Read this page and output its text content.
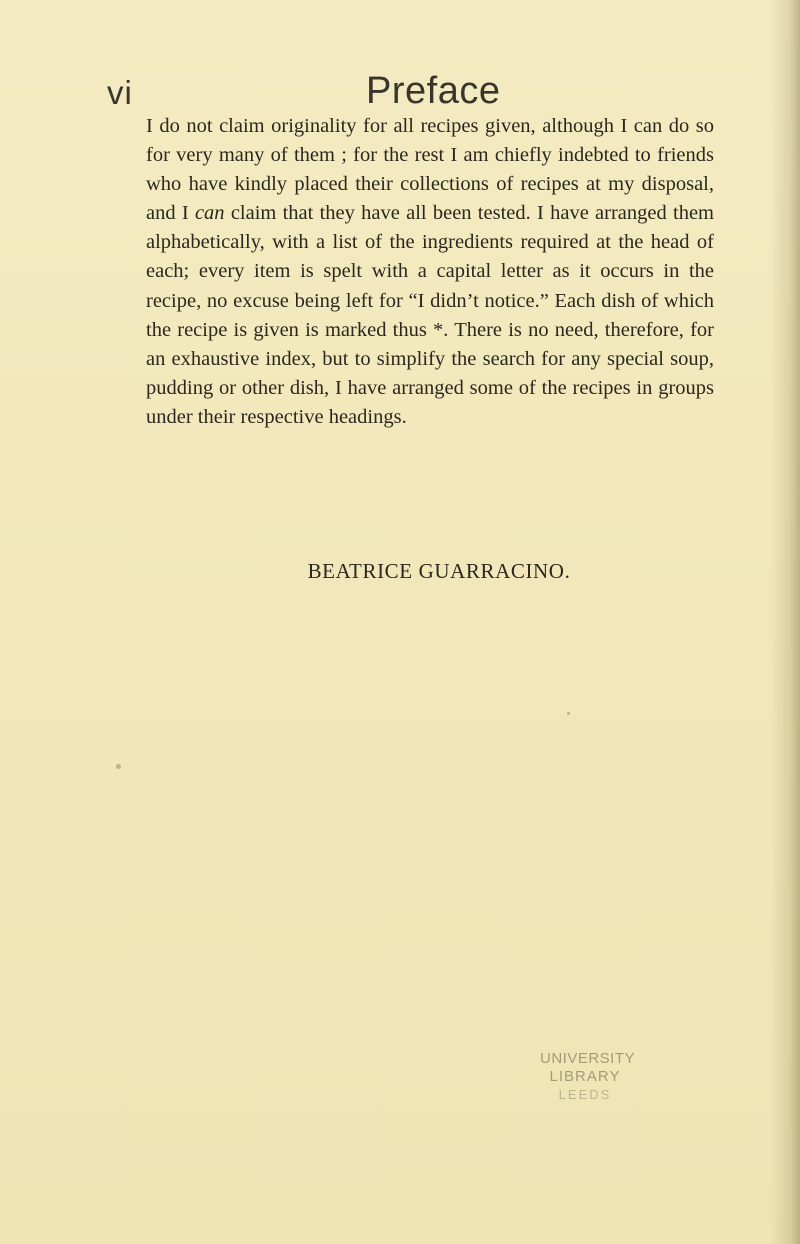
vi	Preface

I do not claim originality for all recipes given, although I can do so for very many of them ; for the rest I am chiefly indebted to friends who have kindly placed their collections of recipes at my disposal, and I can claim that they have all been tested. I have arranged them alphabetically, with a list of the ingredients required at the head of each; every item is spelt with a capital letter as it occurs in the recipe, no excuse being left for “I didn’t notice.” Each dish of which the recipe is given is marked thus *. There is no need, therefore, for an exhaustive index, but to simplify the search for any special soup, pudding or other dish, I have arranged some of the recipes in groups under their respective headings.

BEATRICE GUARRACINO.
UNIVERSITY
LIBRARY
LEEDS
